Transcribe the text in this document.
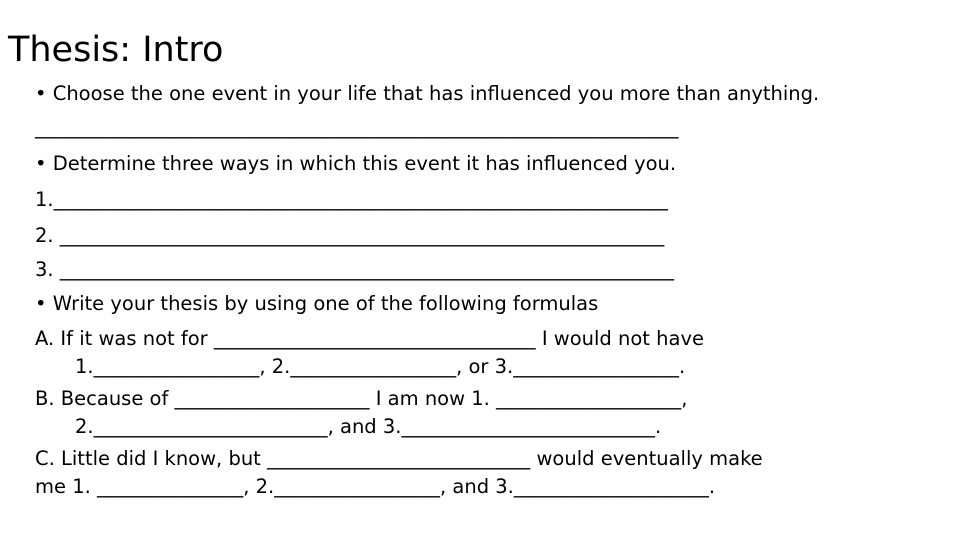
Thesis: Intro
• Choose the one event in your life that has influenced you more than anything.
__________________________________________________________________
• Determine three ways in which this event it has influenced you.
1._______________________________________________________________
2. ______________________________________________________________
3. _______________________________________________________________
• Write your thesis by using one of the following formulas
A. If it was not for _________________________________ I would not have
1._________________, 2._________________, or 3._________________.
B. Because of ____________________ I am now 1. ___________________,
2.________________________, and 3.__________________________.
C. Little did I know, but ___________________________ would eventually make
me 1. _______________, 2._________________, and 3.____________________.
